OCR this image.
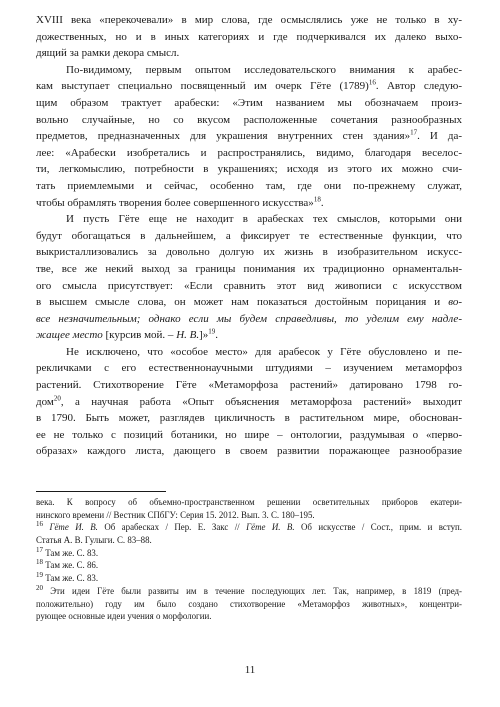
XVIII века «перекочевали» в мир слова, где осмыслялись уже не только в ху-
дожественных, но и в иных категориях и где подчеркивался их далеко выхо-
дящий за рамки декора смысл.
По-видимому, первым опытом исследовательского внимания к арабес-
кам выступает специально посвященный им очерк Гёте $(1789)^{16}$. Автор следую-
щим образом трактует арабески: «Этим названием мы обозначаем произ-
вольно случайные, но со вкусом расположенные сочетания разнообразных
предметов, предназначенных для украшения внутренних стен здания»$^{17}$. И да-
лее: «Арабески изобретались и распространялись, видимо, благодаря веселос-
ти, легкомыслию, потребности в украшениях; исходя из этого их можно счи-
тать приемлемыми и сейчас, особенно там, где они по-прежнему служат,
чтобы обрамлять творения более совершенного искусства»$^{18}$.
И пусть Гёте еще не находит в арабесках тех смыслов, которыми они
будут обогащаться в дальнейшем, а фиксирует те естественные функции, что
выкристаллизовались за довольно долгую их жизнь в изобразительном искусс-
тве, все же некий выход за границы понимания их традиционно орнаментальн-
ого смысла присутствует: «Если сравнить этот вид живописи с искусством
в высшем смысле слова, он может нам показаться достойным порицания и во-
все незначительным; однако если мы будем справедливы, то уделим ему надле-
жащее место [курсив мой. – Н. В.]»$^{19}$.
Не исключено, что «особое место» для арабесок у Гёте обусловлено и пе-
рекличками с его естественнонаучными штудиями – изучением метаморфоз
растений. Стихотворение Гёте «Метаморфоза растений» датировано 1798 го-
дом$^{20}$, а научная работа «Опыт объяснения метаморфоза растений» выходит
в 1790. Быть может, разглядев цикличность в растительном мире, обоснован-
ее не только с позиций ботаники, но шире – онтологии, раздумывая о «перво-
образах» каждого листа, дающего в своем развитии поражающее разнообразие
века. К вопросу об объемно-пространственном решении осветительных приборов екатери-
нинского времени // Вестник СПбГУ: Серия 15. 2012. Вып. 3. С. 180–195.
$^{16}$ Гёте И. В. Об арабесках / Пер. Е. Закс // Гёте И. В. Об искусстве / Сост., прим. и вступ.
Статья А. В. Гулыги. С. 83–88.
$^{17}$ Там же. С. 83.
$^{18}$ Там же. С. 86.
$^{19}$ Там же. С. 83.
$^{20}$ Эти идеи Гёте были развиты им в течение последующих лет. Так, например, в 1819 (пред-
положительно) году им было создано стихотворение «Метаморфоз животных», концентри-
рующее основные идеи учения о морфологии.
11
